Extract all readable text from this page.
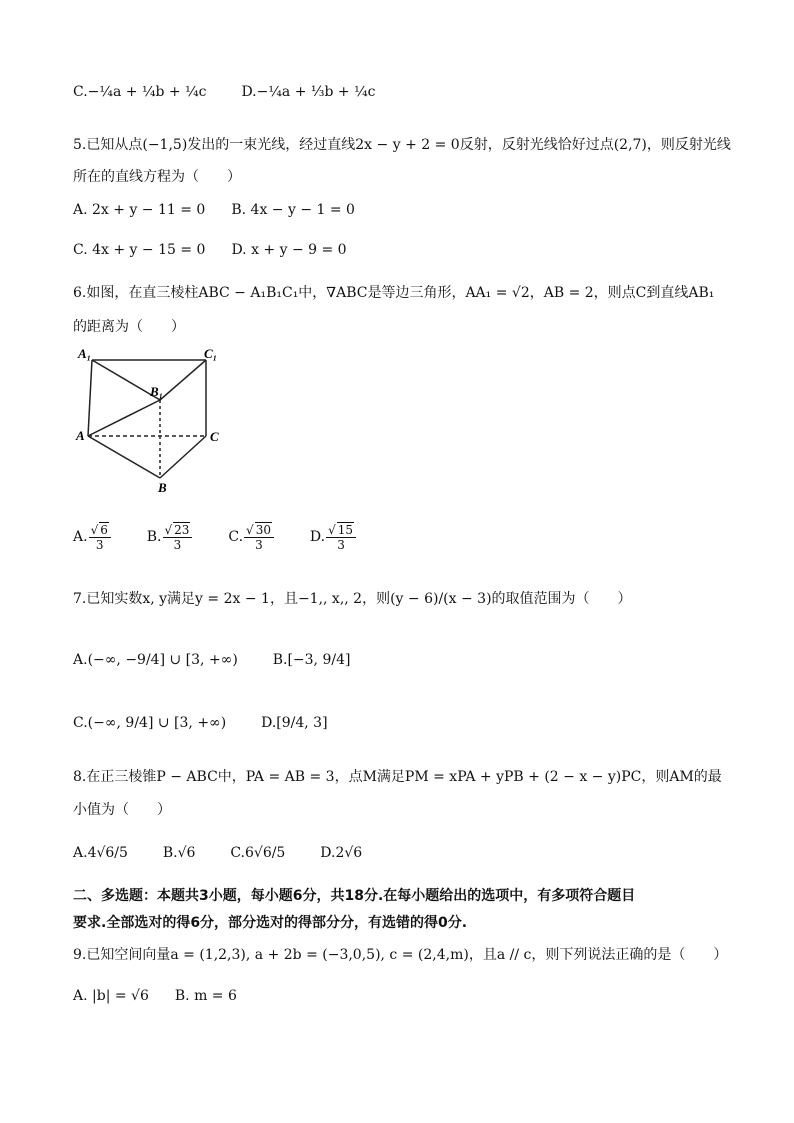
C.−¼a + ¼b + ¼c D.−¼a + ⅓b + ¼c
5.已知从点(−1,5)发出的一束光线，经过直线2x − y + 2 = 0反射，反射光线恰好过点(2,7)，则反射光线
所在的直线方程为（　　）
A. 2x + y − 11 = 0 B. 4x − y − 1 = 0
C. 4x + y − 15 = 0 D. x + y − 9 = 0
6.如图，在直三棱柱ABC − A₁B₁C₁中，∇ABC是等边三角形，AA₁ = √2，AB = 2，则点C到直线AB₁
的距离为（　　）
A₁	C₁
B₁
A	C
B
A. $\frac{√ 6}{3}$	B. $\frac{√ 23}{3}$	C. $\frac{√ 30}{3}$	D. $\frac{√ 15}{3}$
7.已知实数x, y满足y = 2x − 1，且−1,, x,, 2，则(y − 6)/(x − 3)的取值范围为（　　）
A.(−∞, −9/4] ∪ [3, +∞) B.[−3, 9/4]
C.(−∞, 9/4] ∪ [3, +∞) D.[9/4, 3]
8.在正三棱锥P − ABC中，PA = AB = 3，点M满足PM = xPA + yPB + (2 − x − y)PC，则AM的最
小值为（　　）
A.4√6/5 B.√6 C.6√6/5 D.2√6
二、多选题：本题共3小题，每小题6分，共18分.在每小题给出的选项中，有多项符合题目
要求.全部选对的得6分，部分选对的得部分分，有选错的得0分.
9.已知空间向量a = (1,2,3), a + 2b = (−3,0,5), c = (2,4,m)，且a // c，则下列说法正确的是（　　）
A. |b| = √6 B. m = 6
